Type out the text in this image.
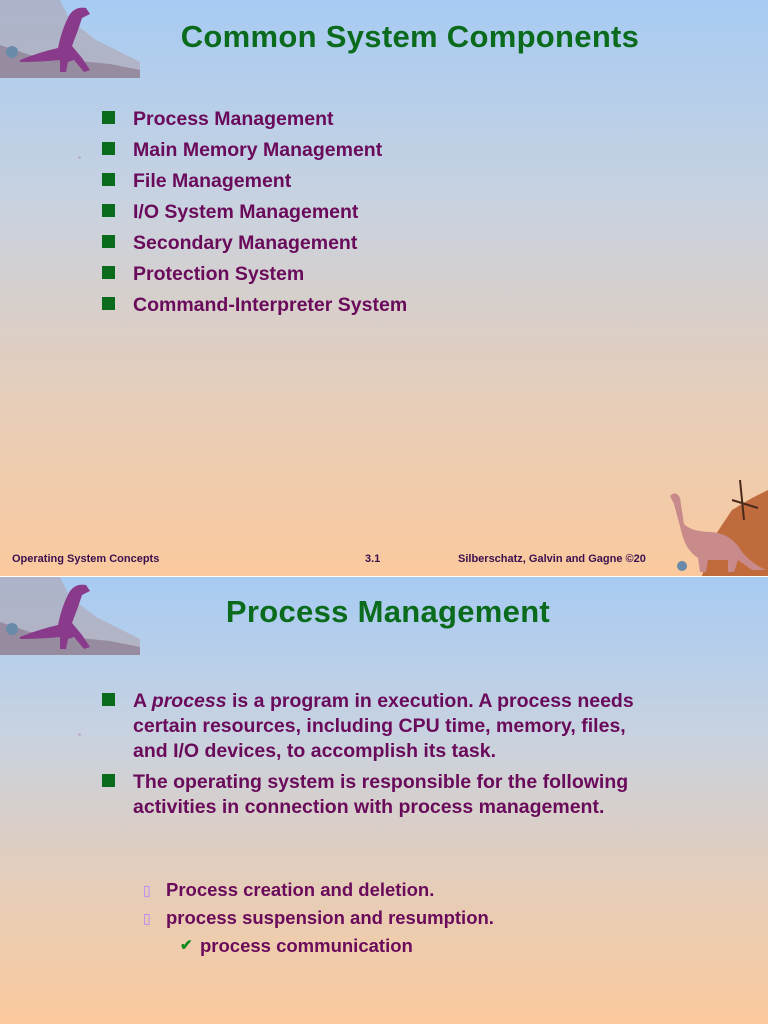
Common System Components
Process Management
Main Memory Management
File Management
I/O System Management
Secondary Management
Protection System
Command-Interpreter System
Operating System Concepts	3.1	Silberschatz, Galvin and Gagne ©20
Process Management
A process is a program in execution. A process needs certain resources, including CPU time, memory, files, and I/O devices, to accomplish its task.
The operating system is responsible for the following activities in connection with process management.
▯ Process creation and deletion.
▯ process suspension and resumption.
✔ process communication
